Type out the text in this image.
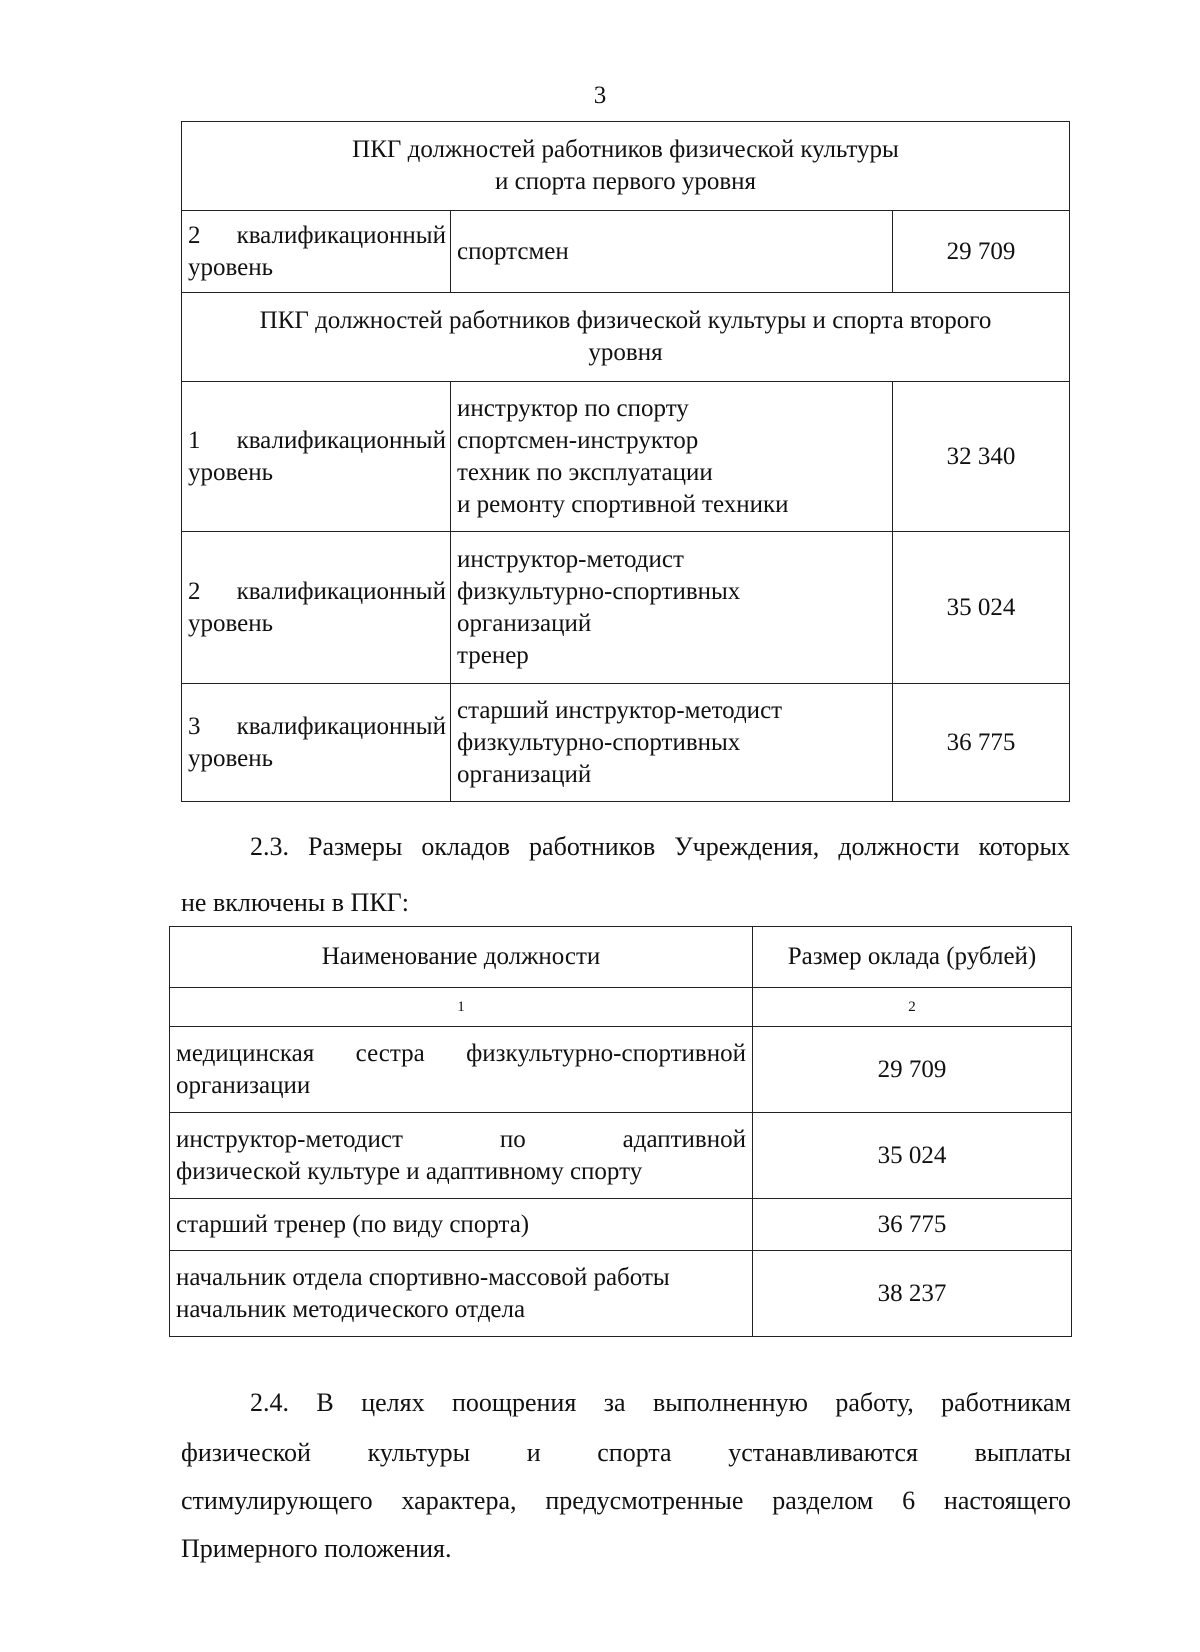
3
ПКГ должностей работников физической культуры
и спорта первого уровня		

2 квалификационный
уровень	спортсмен	29 709

ПКГ должностей работников физической культуры и спорта второго
уровня		

1 квалификационный
уровень	инструктор по спорту
спортсмен-инструктор
техник по эксплуатации
и ремонту спортивной техники	32 340

2 квалификационный
уровень	инструктор-методист
физкультурно-спортивных
организаций
тренер	35 024

3 квалификационный
уровень	старший инструктор-методист
физкультурно-спортивных
организаций	36 775
2.3. Размеры окладов работников Учреждения, должности которых
не включены в ПКГ:
Наименование должности	Размер оклада (рублей)
1	2

медицинская сестра физкультурно-спортивной
организации	29 709

инструктор-методист по адаптивной
физической культуре и адаптивному спорту	35 024

старший тренер (по виду спорта)	36 775

начальник отдела спортивно-массовой работы
начальник методического отдела	38 237
2.4. В целях поощрения за выполненную работу, работникам
физической культуры и спорта устанавливаются выплаты
стимулирующего характера, предусмотренные разделом 6 настоящего
Примерного положения.
